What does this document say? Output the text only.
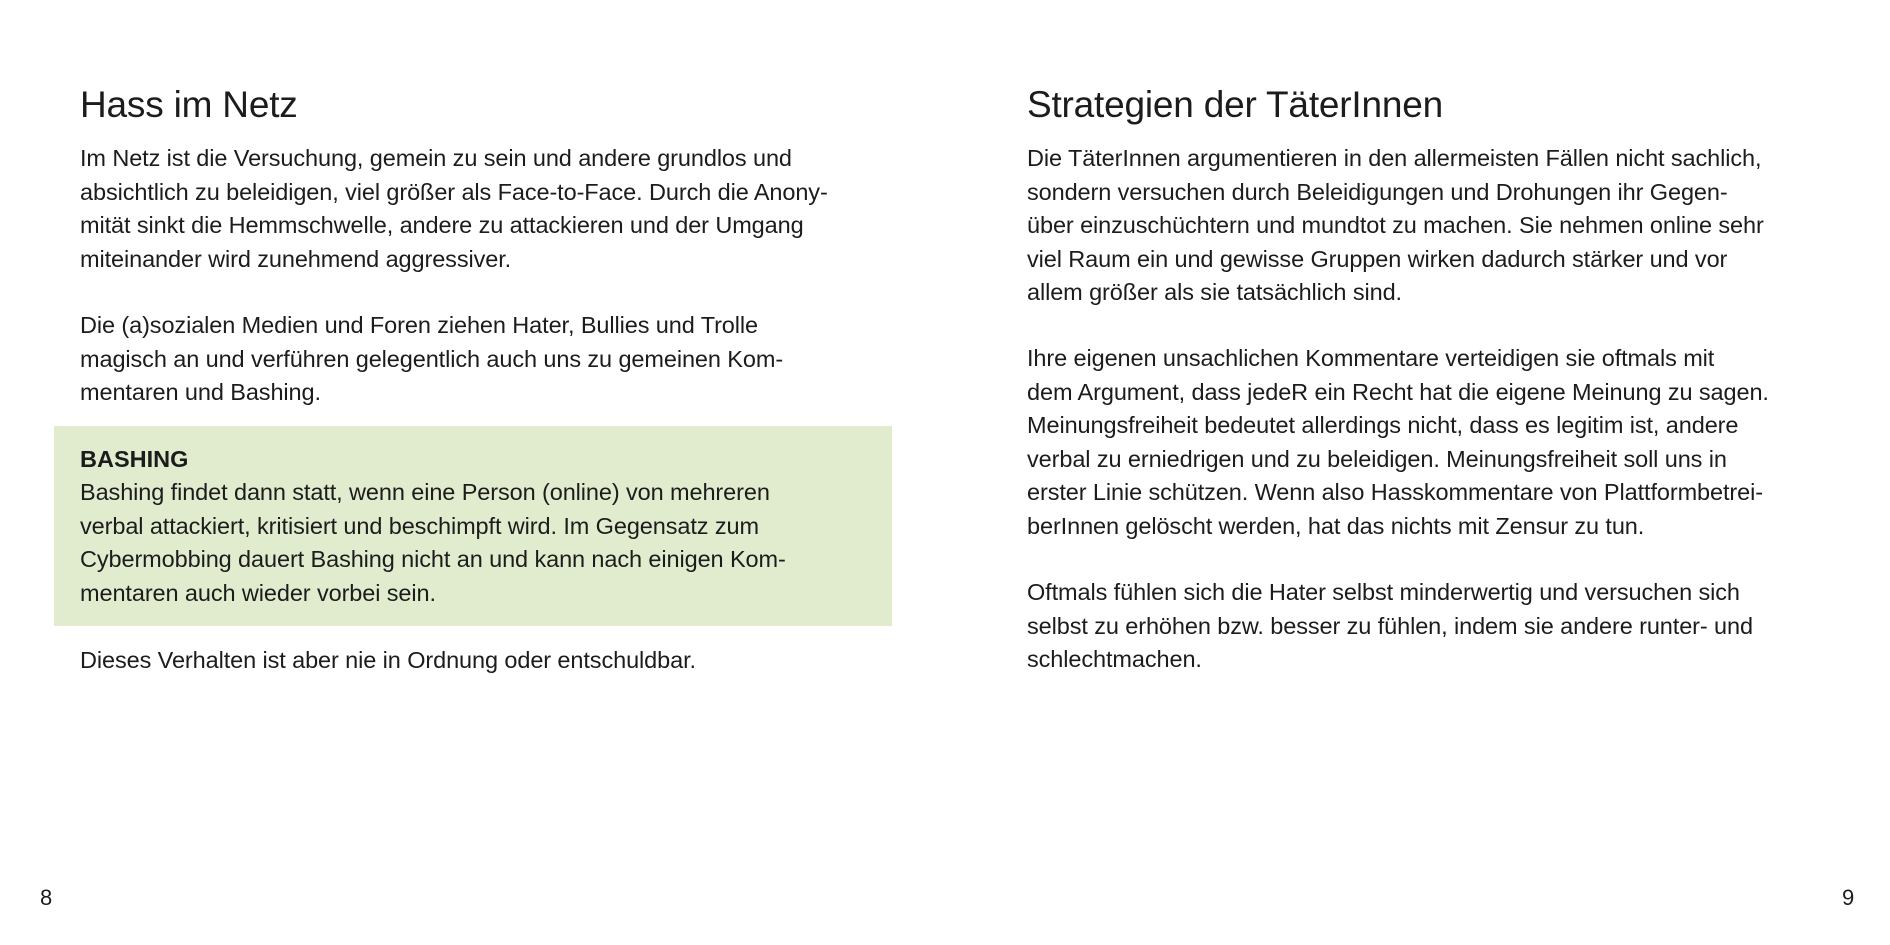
Hass im Netz

Im Netz ist die Versuchung, gemein zu sein und andere grundlos und
absichtlich zu beleidigen, viel größer als Face-to-Face. Durch die Anony-
mität sinkt die Hemmschwelle, andere zu attackieren und der Umgang
miteinander wird zunehmend aggressiver.

Die (a)sozialen Medien und Foren ziehen Hater, Bullies und Trolle
magisch an und verführen gelegentlich auch uns zu gemeinen Kom-
mentaren und Bashing.

BASHING

Bashing findet dann statt, wenn eine Person (online) von mehreren
verbal attackiert, kritisiert und beschimpft wird. Im Gegensatz zum
Cybermobbing dauert Bashing nicht an und kann nach einigen Kom-
mentaren auch wieder vorbei sein.

Dieses Verhalten ist aber nie in Ordnung oder entschuldbar.

8
Strategien der TäterInnen

Die TäterInnen argumentieren in den allermeisten Fällen nicht sachlich,
sondern versuchen durch Beleidigungen und Drohungen ihr Gegen-
über einzuschüchtern und mundtot zu machen. Sie nehmen online sehr
viel Raum ein und gewisse Gruppen wirken dadurch stärker und vor
allem größer als sie tatsächlich sind.

Ihre eigenen unsachlichen Kommentare verteidigen sie oftmals mit
dem Argument, dass jedeR ein Recht hat die eigene Meinung zu sagen.
Meinungsfreiheit bedeutet allerdings nicht, dass es legitim ist, andere
verbal zu erniedrigen und zu beleidigen. Meinungsfreiheit soll uns in
erster Linie schützen. Wenn also Hasskommentare von Plattformbetrei-
berInnen gelöscht werden, hat das nichts mit Zensur zu tun.

Oftmals fühlen sich die Hater selbst minderwertig und versuchen sich
selbst zu erhöhen bzw. besser zu fühlen, indem sie andere runter- und
schlechtmachen.

9
